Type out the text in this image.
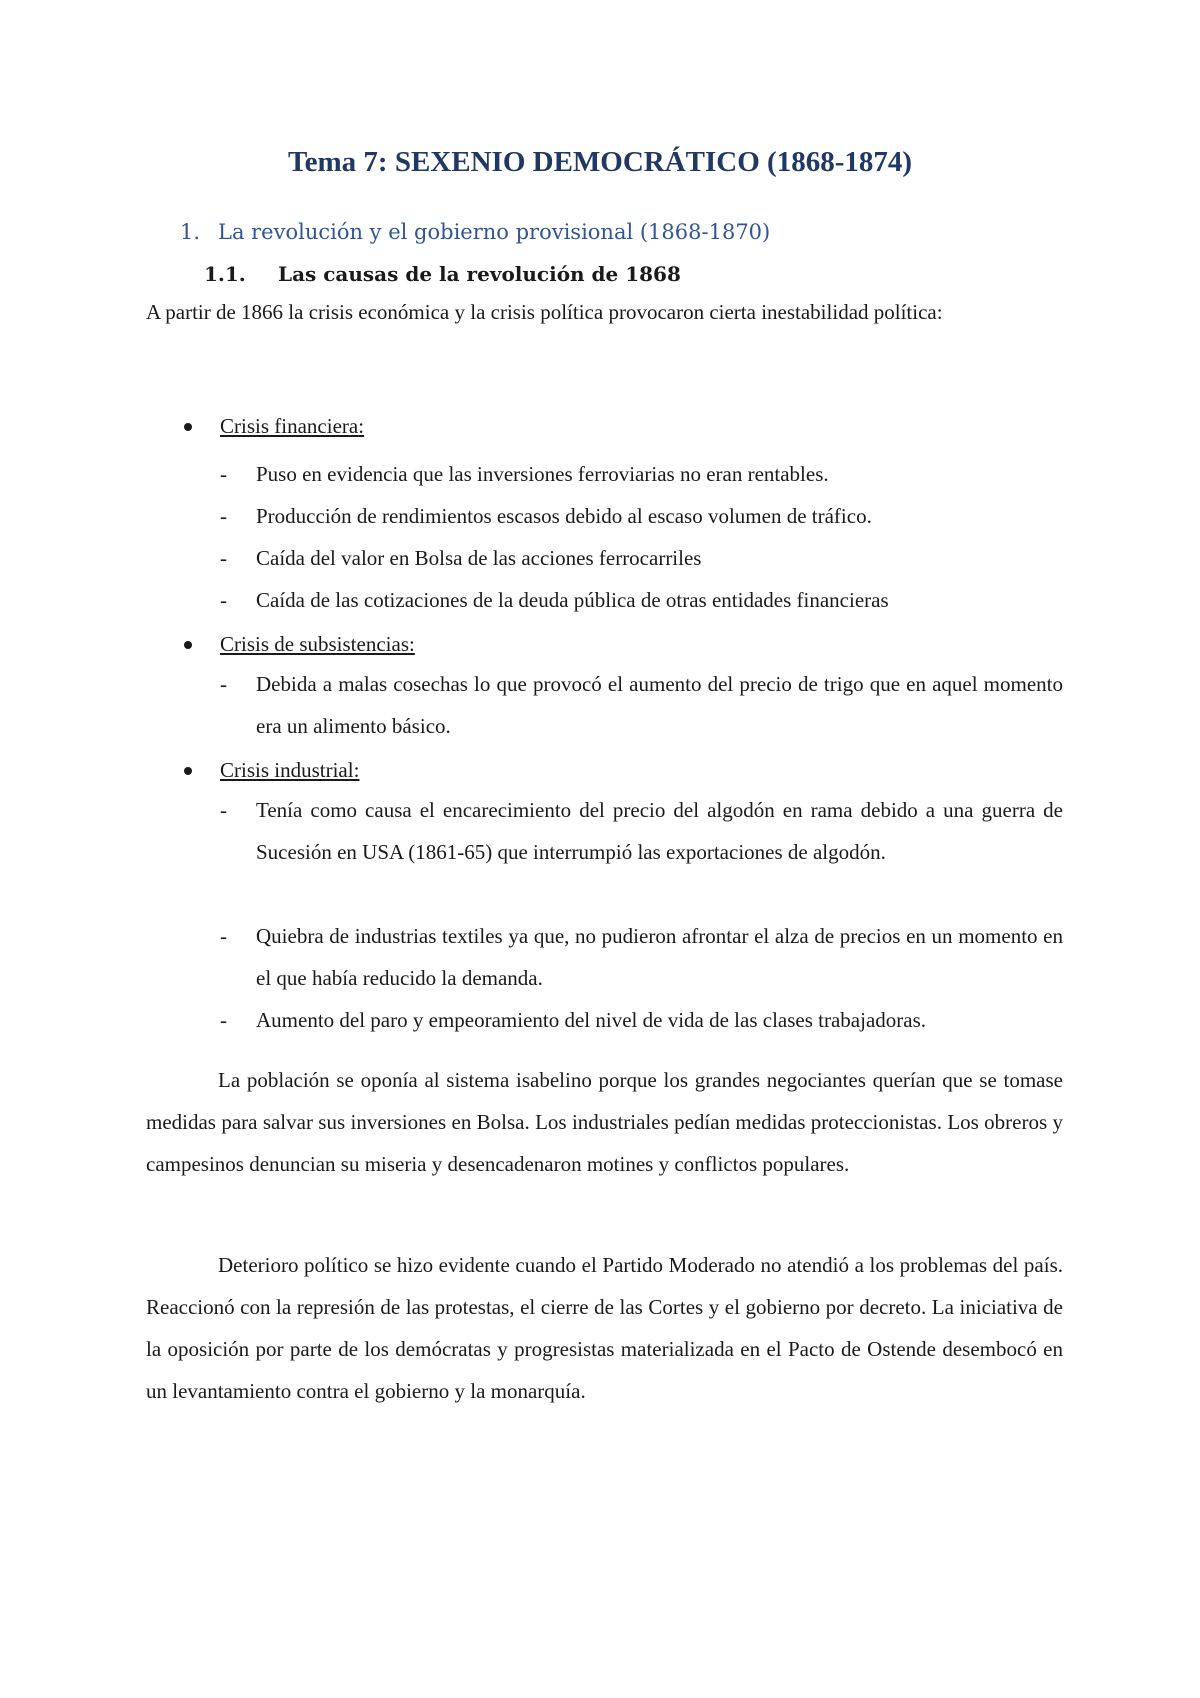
Tema 7: SEXENIO DEMOCRÁTICO (1868-1874)
1. La revolución y el gobierno provisional (1868-1870)
1.1. Las causas de la revolución de 1868
A partir de 1866 la crisis económica y la crisis política provocaron cierta inestabilidad política:
Crisis financiera:
- Puso en evidencia que las inversiones ferroviarias no eran rentables.
- Producción de rendimientos escasos debido al escaso volumen de tráfico.
- Caída del valor en Bolsa de las acciones ferrocarriles
- Caída de las cotizaciones de la deuda pública de otras entidades financieras
Crisis de subsistencias:
- Debida a malas cosechas lo que provocó el aumento del precio de trigo que en aquel momento era un alimento básico.
Crisis industrial:
- Tenía como causa el encarecimiento del precio del algodón en rama debido a una guerra de Sucesión en USA (1861-65) que interrumpió las exportaciones de algodón.
- Quiebra de industrias textiles ya que, no pudieron afrontar el alza de precios en un momento en el que había reducido la demanda.
- Aumento del paro y empeoramiento del nivel de vida de las clases trabajadoras.
La población se oponía al sistema isabelino porque los grandes negociantes querían que se tomase medidas para salvar sus inversiones en Bolsa. Los industriales pedían medidas proteccionistas. Los obreros y campesinos denuncian su miseria y desencadenaron motines y conflictos populares.
Deterioro político se hizo evidente cuando el Partido Moderado no atendió a los problemas del país. Reaccionó con la represión de las protestas, el cierre de las Cortes y el gobierno por decreto. La iniciativa de la oposición por parte de los demócratas y progresistas materializada en el Pacto de Ostende desembocó en un levantamiento contra el gobierno y la monarquía.
